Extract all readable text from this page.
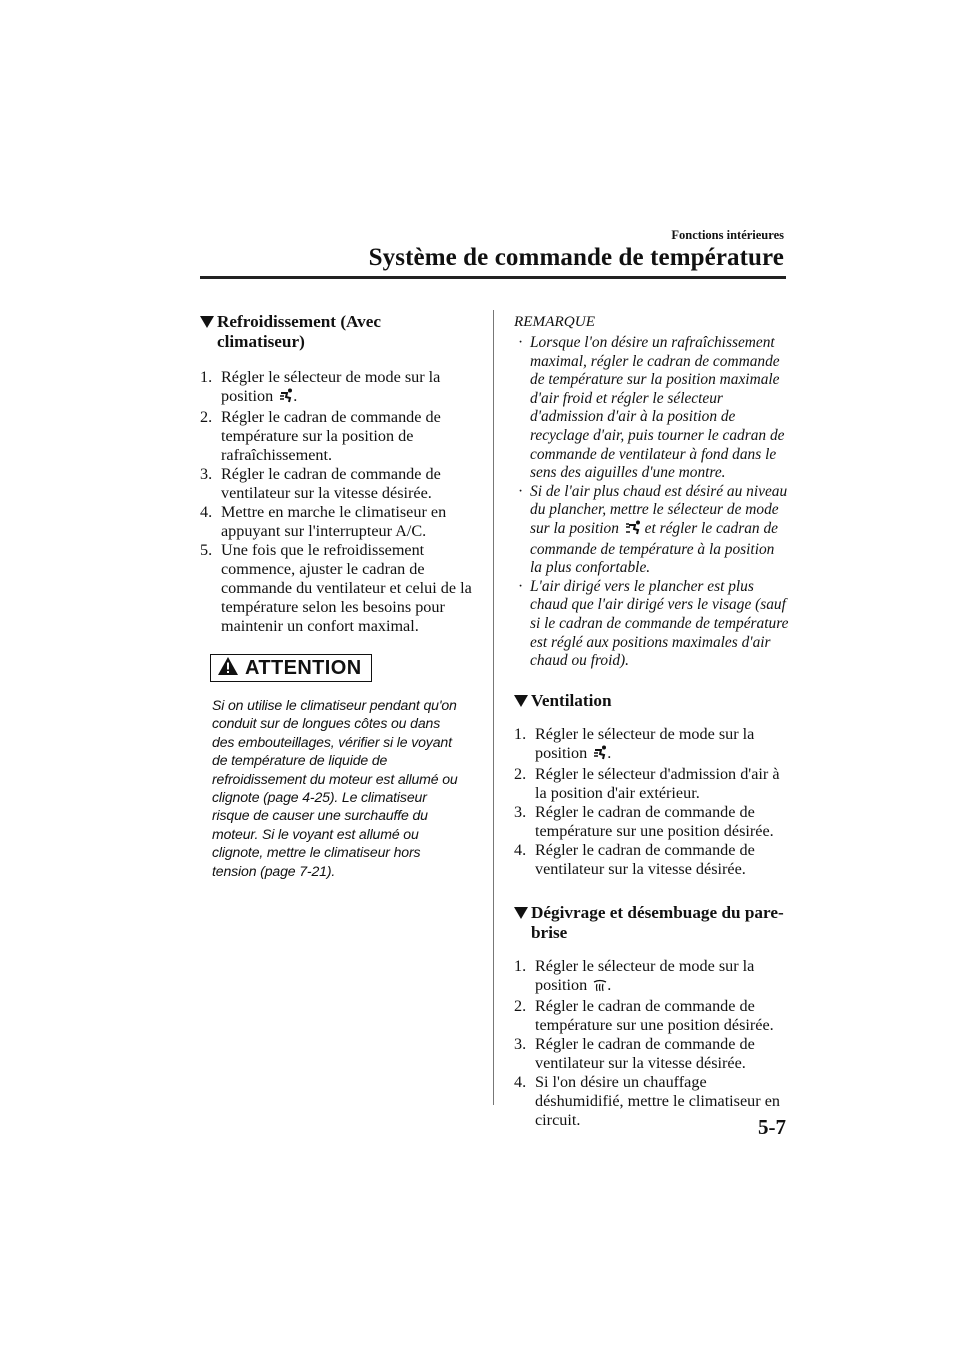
Fonctions intérieures
Système de commande de température
Refroidissement (Avec climatiseur)
1. Régler le sélecteur de mode sur la position .
2. Régler le cadran de commande de température sur la position de rafraîchissement.
3. Régler le cadran de commande de ventilateur sur la vitesse désirée.
4. Mettre en marche le climatiseur en appuyant sur l'interrupteur A/C.
5. Une fois que le refroidissement commence, ajuster le cadran de commande du ventilateur et celui de la température selon les besoins pour maintenir un confort maximal.
ATTENTION
Si on utilise le climatiseur pendant qu'on conduit sur de longues côtes ou dans des embouteillages, vérifier si le voyant de température de liquide de refroidissement du moteur est allumé ou clignote (page 4-25). Le climatiseur risque de causer une surchauffe du moteur. Si le voyant est allumé ou clignote, mettre le climatiseur hors tension (page 7-21).
REMARQUE
· Lorsque l'on désire un rafraîchissement maximal, régler le cadran de commande de température sur la position maximale d'air froid et régler le sélecteur d'admission d'air à la position de recyclage d'air, puis tourner le cadran de commande de ventilateur à fond dans le sens des aiguilles d'une montre.
· Si de l'air plus chaud est désiré au niveau du plancher, mettre le sélecteur de mode sur la position  et régler le cadran de commande de température à la position la plus confortable.
· L'air dirigé vers le plancher est plus chaud que l'air dirigé vers le visage (sauf si le cadran de commande de température est réglé aux positions maximales d'air chaud ou froid).
Ventilation
1. Régler le sélecteur de mode sur la position .
2. Régler le sélecteur d'admission d'air à la position d'air extérieur.
3. Régler le cadran de commande de température sur une position désirée.
4. Régler le cadran de commande de ventilateur sur la vitesse désirée.
Dégivrage et désembuage du pare-brise
1. Régler le sélecteur de mode sur la position .
2. Régler le cadran de commande de température sur une position désirée.
3. Régler le cadran de commande de ventilateur sur la vitesse désirée.
4. Si l'on désire un chauffage déshumidifié, mettre le climatiseur en circuit.	5-7
